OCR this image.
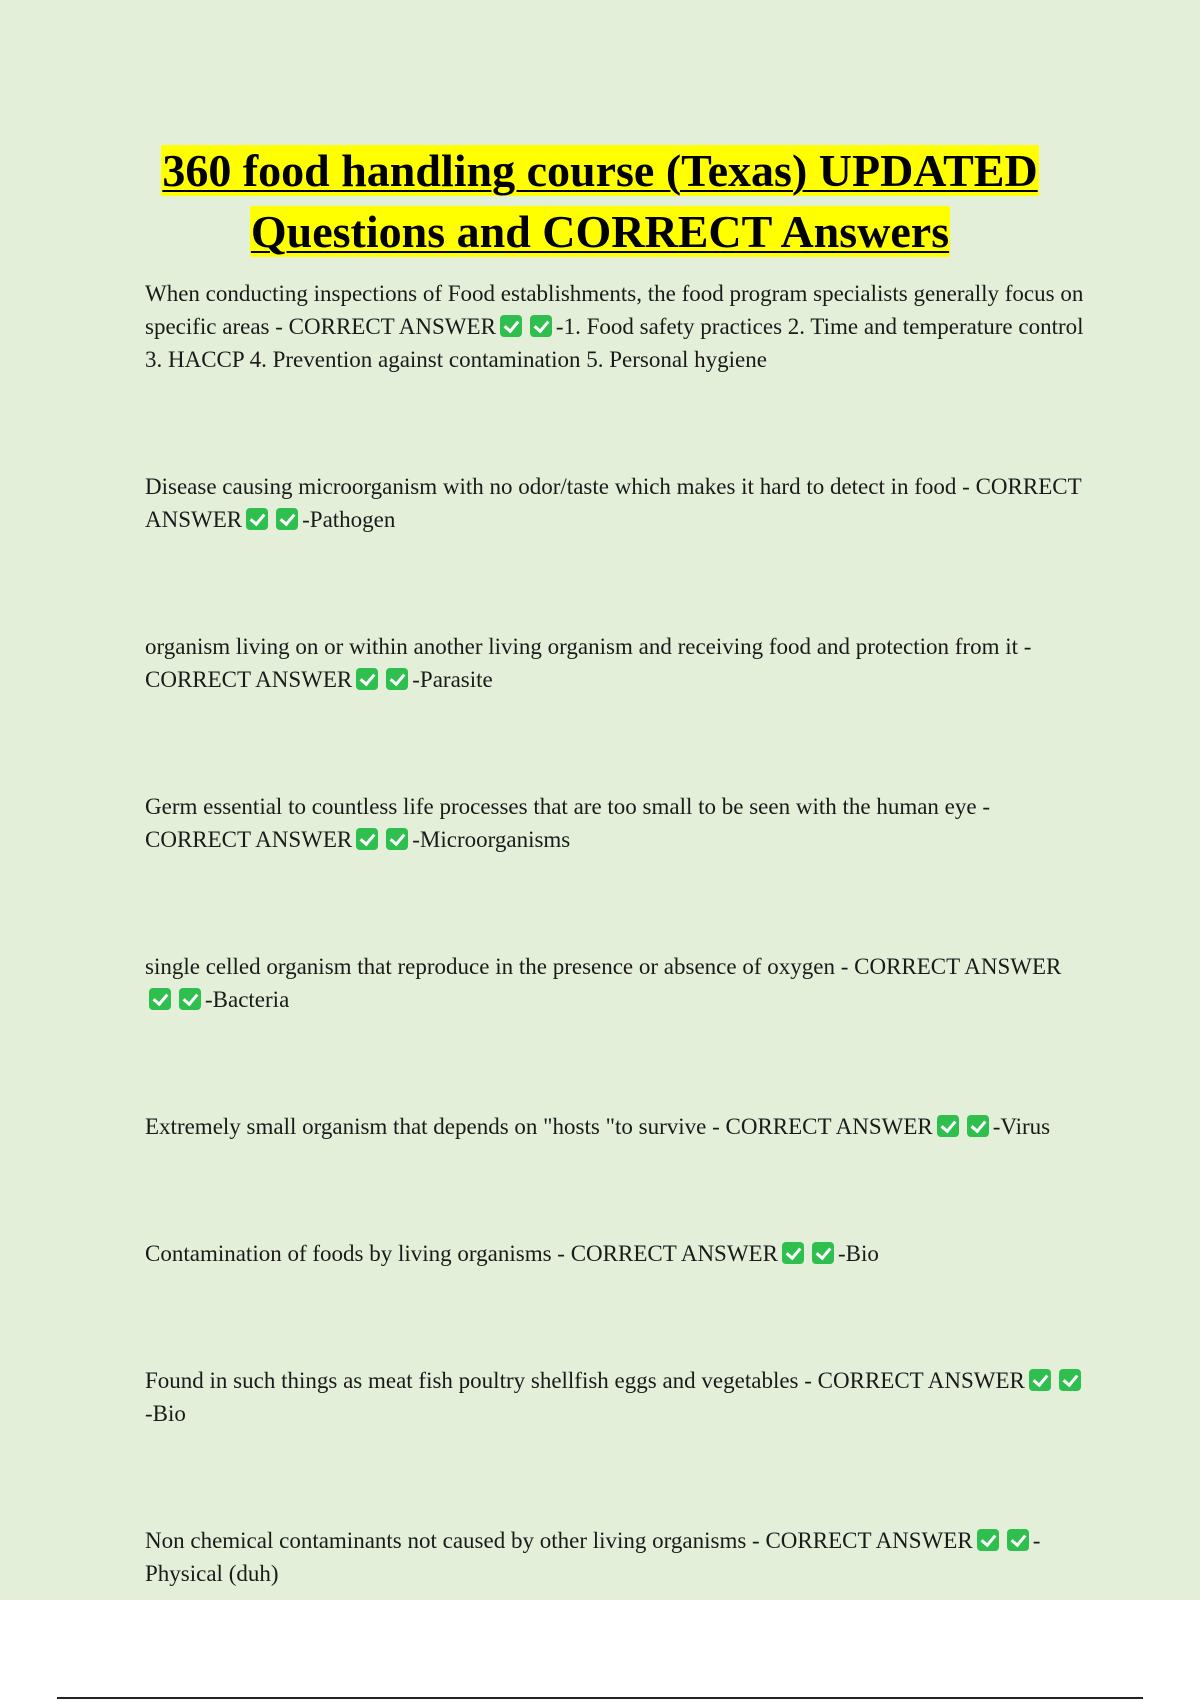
360 food handling course (Texas) UPDATED
Questions and CORRECT Answers

When conducting inspections of Food establishments, the food program specialists generally focus on specific areas - CORRECT ANSWER	-1. Food safety practices 2. Time and temperature control 3. HACCP 4. Prevention against contamination 5. Personal hygiene

Disease causing microorganism with no odor/taste which makes it hard to detect in food - CORRECT ANSWER	-Pathogen

organism living on or within another living organism and receiving food and protection from it - CORRECT ANSWER	-Parasite

Germ essential to countless life processes that are too small to be seen with the human eye - CORRECT ANSWER	-Microorganisms

single celled organism that reproduce in the presence or absence of oxygen - CORRECT ANSWER-Bacteria

Extremely small organism that depends on "hosts "to survive - CORRECT ANSWER	-Virus

Contamination of foods by living organisms - CORRECT ANSWER	-Bio

Found in such things as meat fish poultry shellfish eggs and vegetables - CORRECT ANSWER-Bio

Non chemical contaminants not caused by other living organisms - CORRECT ANSWER	-Physical (duh)
